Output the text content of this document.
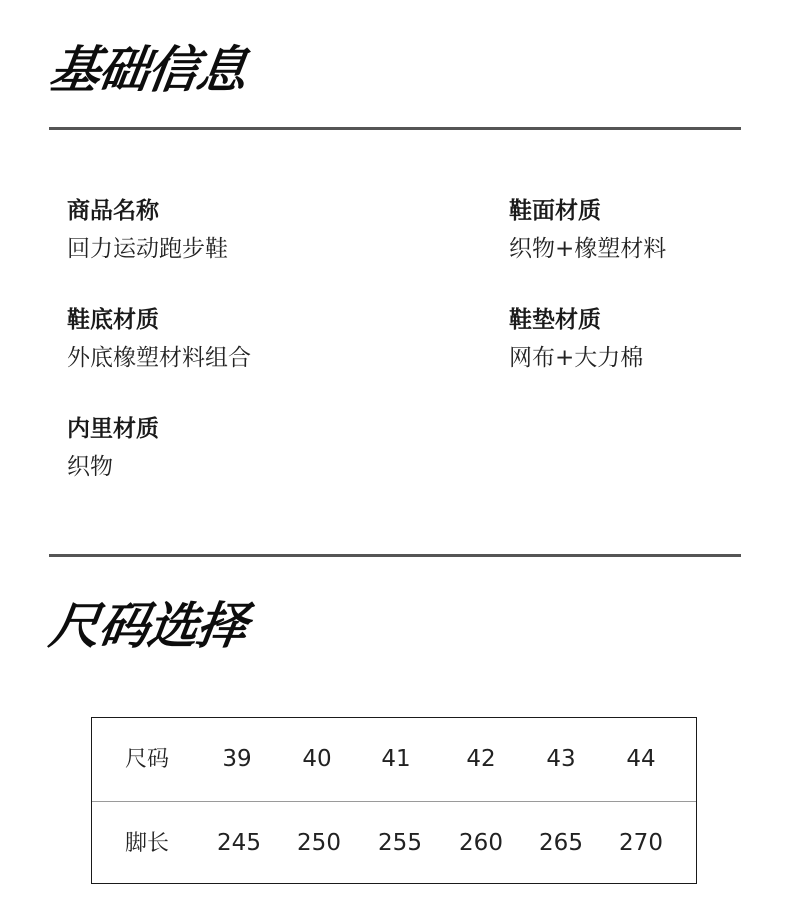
基础信息
商品名称
回力运动跑步鞋
鞋面材质
织物+橡塑材料
鞋底材质
外底橡塑材料组合
鞋垫材质
网布+大力棉
内里材质
织物
尺码选择
尺码	39	40	41	42	43	44
脚长	245	250	255	260	265	270
